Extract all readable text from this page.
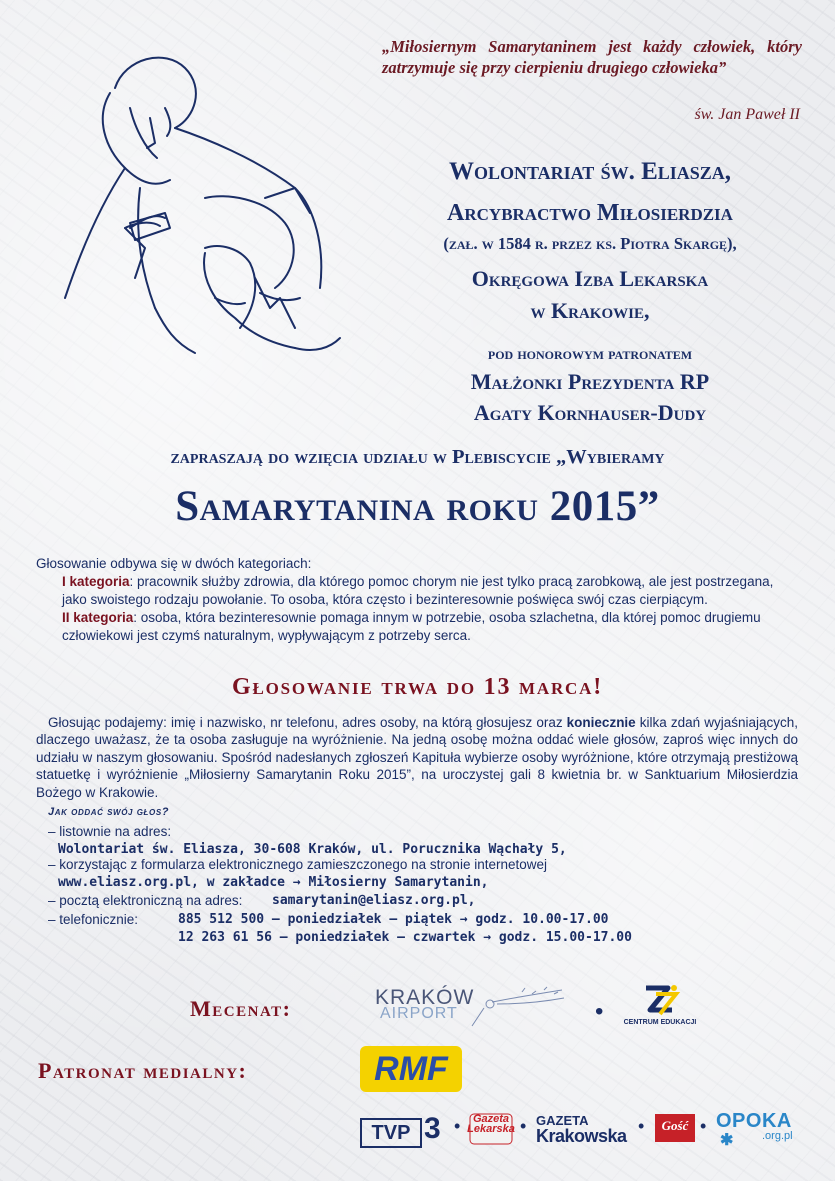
„Miłosiernym Samarytaninem jest każdy człowiek, który zatrzymuje się przy cierpieniu drugiego człowieka”
św. Jan Paweł II
Wolontariat św. Eliasza,
Arcybractwo Miłosierdzia
(zał. w 1584 r. przez ks. Piotra Skargę),
Okręgowa Izba Lekarska
w Krakowie,
pod honorowym patronatem
Małżonki Prezydenta RP
Agaty Kornhauser-Dudy
zapraszają do wzięcia udziału w Plebiscycie „Wybieramy
Samarytanina roku 2015”
Głosowanie odbywa się w dwóch kategoriach:

I kategoria: pracownik służby zdrowia, dla którego pomoc chorym nie jest tylko pracą zarobkową, ale jest postrzegana, jako swoistego rodzaju powołanie. To osoba, która często i bezinteresownie poświęca swój czas cierpiącym.

II kategoria: osoba, która bezinteresownie pomaga innym w potrzebie, osoba szlachetna, dla której pomoc drugiemu człowiekowi jest czymś naturalnym, wypływającym z potrzeby serca.

Głosowanie trwa do 13 marca!
Głosując podajemy: imię i nazwisko, nr telefonu, adres osoby, na którą głosujesz oraz koniecznie kilka zdań wyjaśniających, dlaczego uważasz, że ta osoba zasługuje na wyróżnienie. Na jedną osobę można oddać wiele głosów, zaproś więc innych do udziału w naszym głosowaniu. Spośród nadesłanych zgłoszeń Kapituła wybierze osoby wyróżnione, które otrzymają prestiżową statuetkę i wyróżnienie „Miłosierny Samarytanin Roku 2015”, na uroczystej gali 8 kwietnia br. w Sanktuarium Miłosierdzia Bożego w Krakowie.
Jak oddać swój głos?
– listownie na adres:
Wolontariat św. Eliasza, 30-608 Kraków, ul. Porucznika Wąchały 5,
– korzystając z formularza elektronicznego zamieszczonego na stronie internetowej
www.eliasz.org.pl, w zakładce → Miłosierny Samarytanin,
– pocztą elektroniczną na adres: samarytanin@eliasz.org.pl,
– telefonicznie:	885 512 500 – poniedziałek – piątek → godz. 10.00-17.00
12 263 61 56 – poniedziałek – czwartek → godz. 15.00-17.00
Mecenat:	KRAKÓW
AIRPORT	•	CENTRUM EDUKACJI
Patronat medialny:	RMF
TVP 3 •	Gazeta Lekarska • GAZETA
Krakowska •	Gość • OPOKA
✱	.org.pl
